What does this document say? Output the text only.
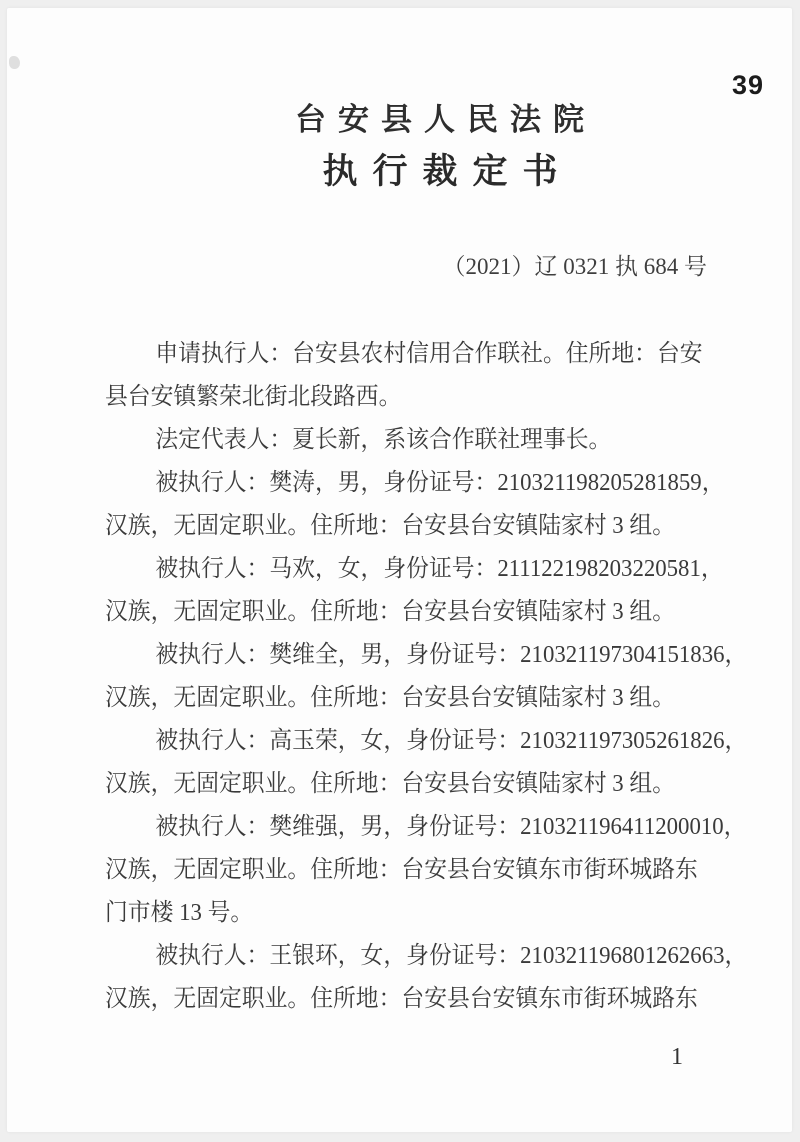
39
台安县人民法院
执行裁定书
（2021）辽 0321 执 684 号
申请执行人：台安县农村信用合作联社。住所地：台安
县台安镇繁荣北街北段路西。
法定代表人：夏长新，系该合作联社理事长。
被执行人：樊涛，男，身份证号：210321198205281859，
汉族，无固定职业。住所地：台安县台安镇陆家村 3 组。
被执行人：马欢，女，身份证号：211122198203220581，
汉族，无固定职业。住所地：台安县台安镇陆家村 3 组。
被执行人：樊维全，男，身份证号：210321197304151836，
汉族，无固定职业。住所地：台安县台安镇陆家村 3 组。
被执行人：高玉荣，女，身份证号：210321197305261826，
汉族，无固定职业。住所地：台安县台安镇陆家村 3 组。
被执行人：樊维强，男，身份证号：210321196411200010，
汉族，无固定职业。住所地：台安县台安镇东市街环城路东
门市楼 13 号。
被执行人：王银环，女，身份证号：210321196801262663，
汉族，无固定职业。住所地：台安县台安镇东市街环城路东
1
